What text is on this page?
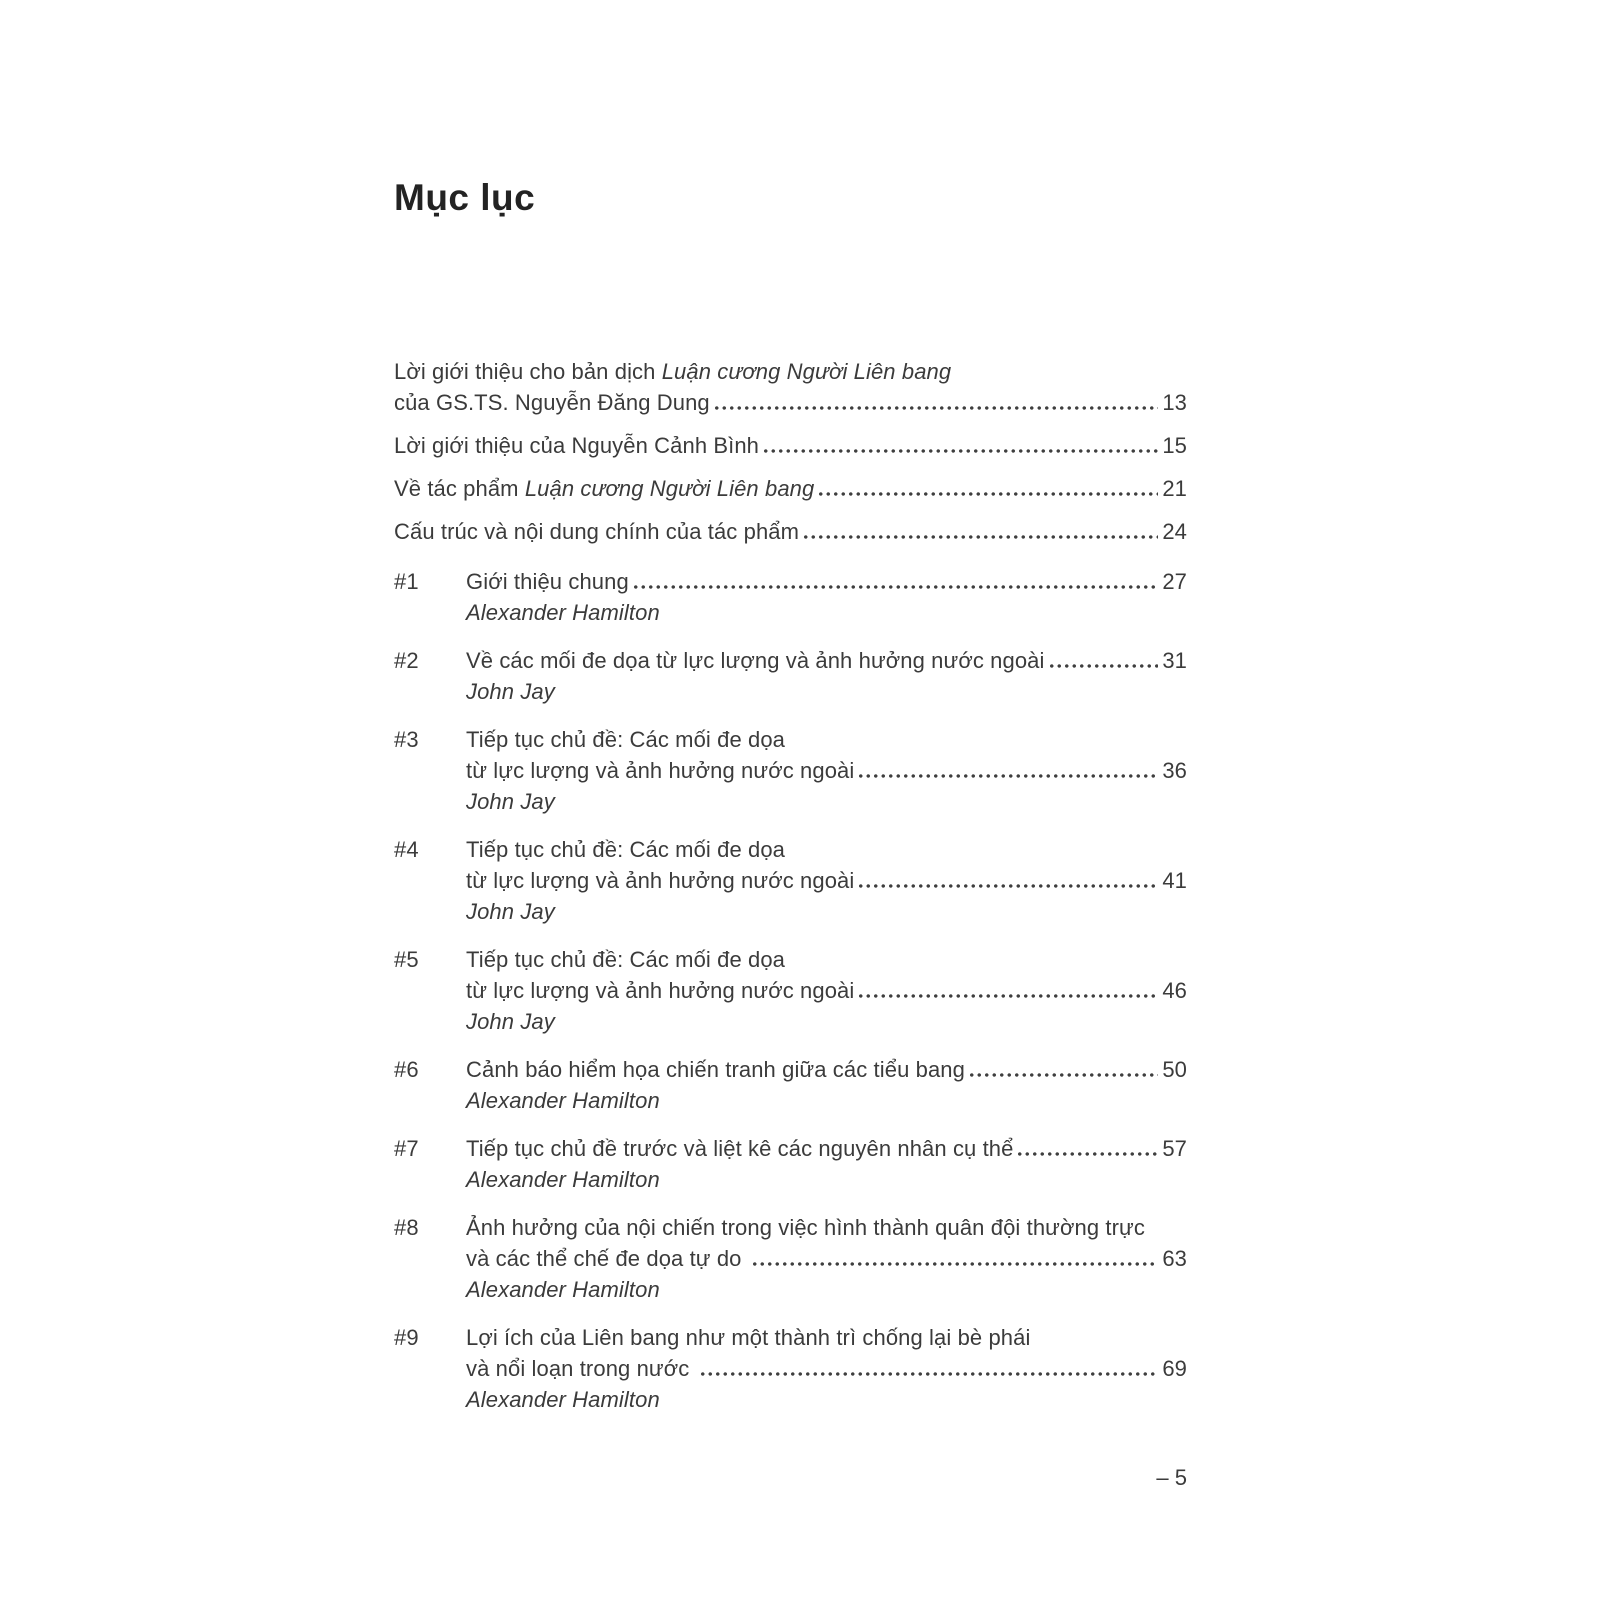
Mục lục
Lời giới thiệu cho bản dịch Luận cương Người Liên bang
của GS.TS. Nguyễn Đăng Dung	13
Lời giới thiệu của Nguyễn Cảnh Bình	15
Về tác phẩm Luận cương Người Liên bang	21
Cấu trúc và nội dung chính của tác phẩm	24
#1	Giới thiệu chung	27
Alexander Hamilton
#2	Về các mối đe dọa từ lực lượng và ảnh hưởng nước ngoài	31
John Jay
#3	Tiếp tục chủ đề: Các mối đe dọa
từ lực lượng và ảnh hưởng nước ngoài	36
John Jay
#4	Tiếp tục chủ đề: Các mối đe dọa
từ lực lượng và ảnh hưởng nước ngoài	41
John Jay
#5	Tiếp tục chủ đề: Các mối đe dọa
từ lực lượng và ảnh hưởng nước ngoài	46
John Jay
#6	Cảnh báo hiểm họa chiến tranh giữa các tiểu bang	50
Alexander Hamilton
#7	Tiếp tục chủ đề trước và liệt kê các nguyên nhân cụ thể	57
Alexander Hamilton
#8	Ảnh hưởng của nội chiến trong việc hình thành quân đội thường trực
và các thể chế đe dọa tự do	63
Alexander Hamilton
#9	Lợi ích của Liên bang như một thành trì chống lại bè phái
và nổi loạn trong nước	69
Alexander Hamilton
– 5
